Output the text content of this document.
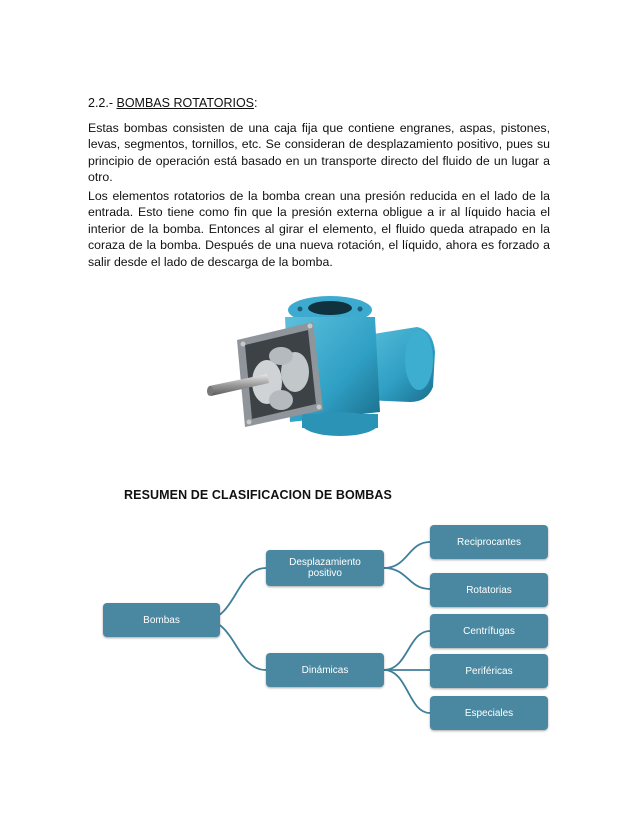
2.2.- BOMBAS ROTATORIOS:

Estas bombas consisten de una caja fija que contiene engranes, aspas, pistones, levas, segmentos, tornillos, etc. Se consideran de desplazamiento positivo, pues su principio de operación está basado en un transporte directo del fluido de un lugar a otro.

Los elementos rotatorios de la bomba crean una presión reducida en el lado de la entrada. Esto tiene como fin que la presión externa obligue a ir al líquido hacia el interior de la bomba. Entonces al girar el elemento, el fluido queda atrapado en la coraza de la bomba. Después de una nueva rotación, el líquido, ahora es forzado a salir desde el lado de descarga de la bomba.

RESUMEN DE CLASIFICACION DE BOMBAS
Bombas
Desplazamiento
positivo
Dinámicas
Reciprocantes
Rotatorias
Centrífugas
Periféricas
Especiales
